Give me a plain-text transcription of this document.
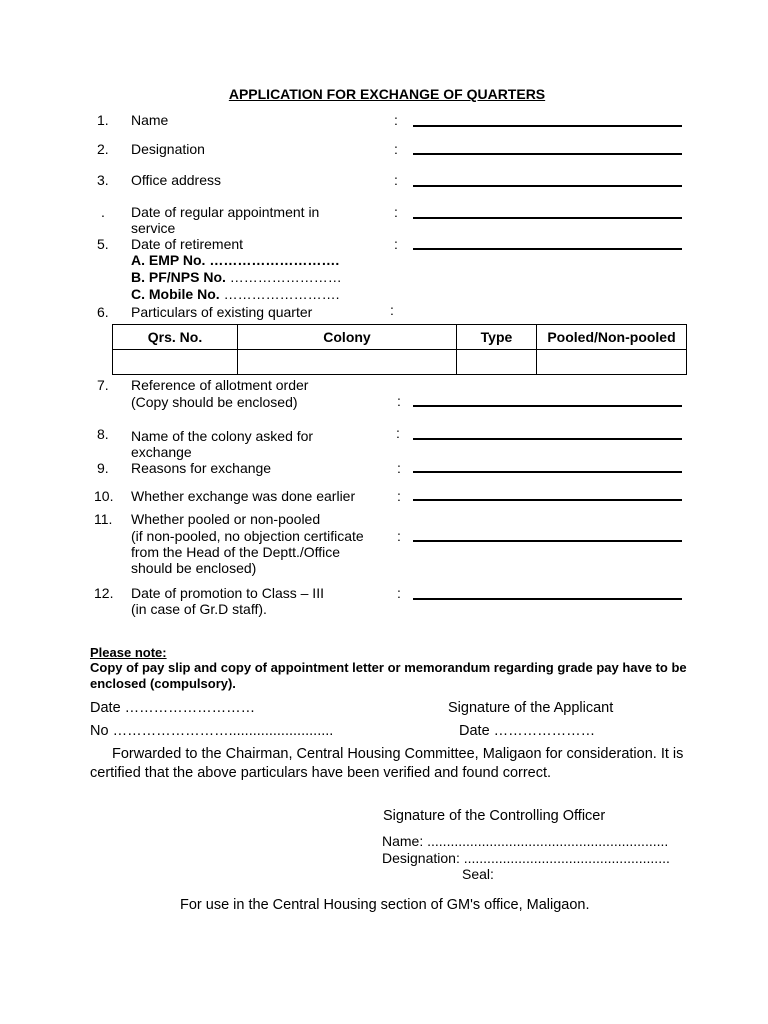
APPLICATION FOR EXCHANGE OF QUARTERS
1. Name	:
2. Designation	:
3. Office address	:
. Date of regular appointment in
service
:
5. Date of retirement	:
A. EMP No. ……………………….
B. PF/NPS No. ……………………
C. Mobile No. …………………….
6. Particulars of existing quarter	:
Qrs. No.	Colony	Type	Pooled/Non-pooled

7. Reference of allotment order
(Copy should be enclosed)	:
8. Name of the colony asked for
exchange
:
9. Reasons for exchange	:
10. Whether exchange was done earlier	:
11. Whether pooled or non-pooled
(if non-pooled, no objection certificate
from the Head of the Deptt./Office
should be enclosed)
:
12. Date of promotion to Class – III
(in case of Gr.D staff).
:
Please note:
Copy of pay slip and copy of appointment letter or memorandum regarding grade pay have to be enclosed (compulsory).
Date ………………………	Signature of the Applicant
No ……………………..........................	Date …………………
Forwarded to the Chairman, Central Housing Committee, Maligaon for consideration. It is certified that the above particulars have been verified and found correct.
Signature of the Controlling Officer
Name: ..............................................................
Designation: .....................................................
Seal:
For use in the Central Housing section of GM's office, Maligaon.
